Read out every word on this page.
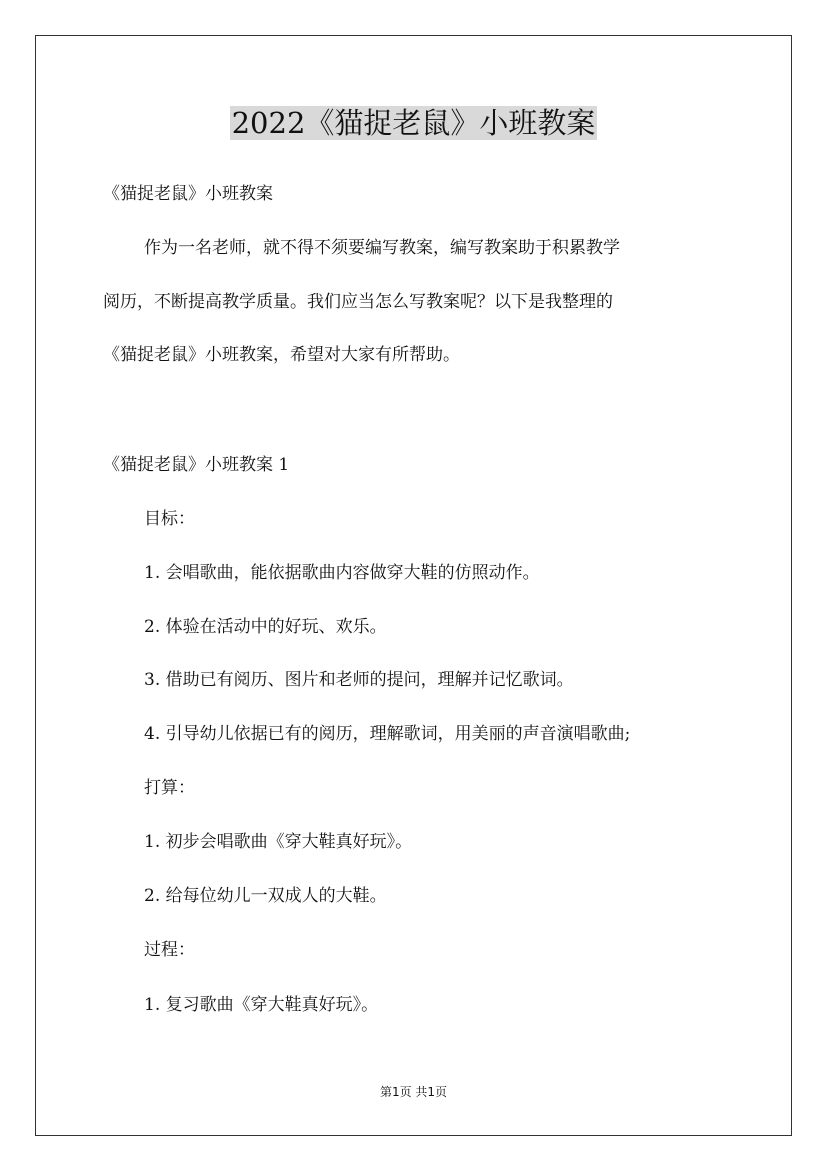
2022《猫捉老鼠》小班教案
《猫捉老鼠》小班教案
作为一名老师，就不得不须要编写教案，编写教案助于积累教学
阅历，不断提高教学质量。我们应当怎么写教案呢？以下是我整理的
《猫捉老鼠》小班教案，希望对大家有所帮助。
《猫捉老鼠》小班教案 1
目标：
1. 会唱歌曲，能依据歌曲内容做穿大鞋的仿照动作。
2. 体验在活动中的好玩、欢乐。
3. 借助已有阅历、图片和老师的提问，理解并记忆歌词。
4. 引导幼儿依据已有的阅历，理解歌词，用美丽的声音演唱歌曲;
打算：
1. 初步会唱歌曲《穿大鞋真好玩》。
2. 给每位幼儿一双成人的大鞋。
过程：
1. 复习歌曲《穿大鞋真好玩》。
第1页 共1页
